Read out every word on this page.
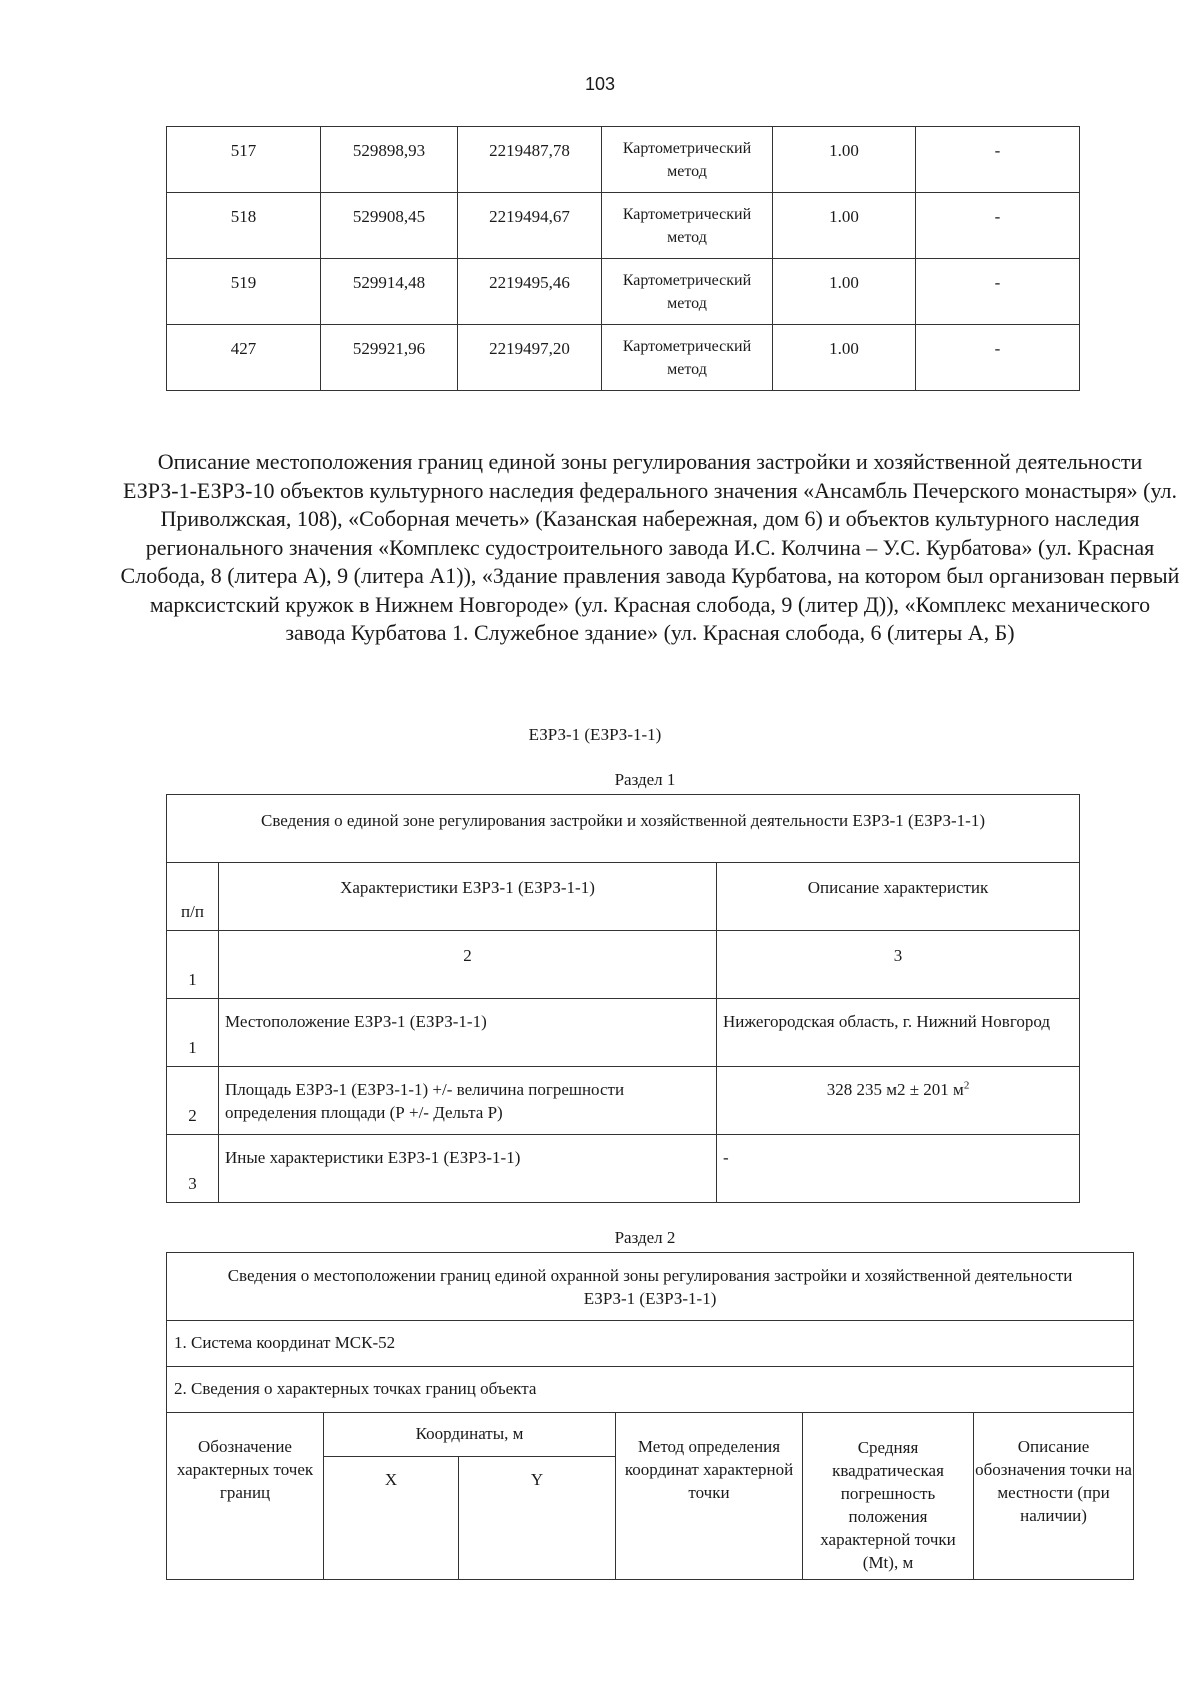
103
517	529898,93	2219487,78	Картометрический метод	1.00	-
518	529908,45	2219494,67	Картометрический метод	1.00	-
519	529914,48	2219495,46	Картометрический метод	1.00	-
427	529921,96	2219497,20	Картометрический метод	1.00	-
Описание местоположения границ единой зоны регулирования застройки и хозяйственной деятельности ЕЗРЗ-1-ЕЗРЗ-10 объектов культурного наследия федерального значения «Ансамбль Печерского монастыря» (ул. Приволжская, 108), «Соборная мечеть» (Казанская набережная, дом 6) и объектов культурного наследия регионального значения «Комплекс судостроительного завода И.С. Колчина – У.С. Курбатова» (ул. Красная Слобода, 8 (литера А), 9 (литера А1)), «Здание правления завода Курбатова, на котором был организован первый марксистский кружок в Нижнем Новгороде» (ул. Красная слобода, 9 (литер Д)), «Комплекс механического завода Курбатова 1. Служебное здание» (ул. Красная слобода, 6 (литеры А, Б)
ЕЗРЗ-1 (ЕЗРЗ-1-1)
Раздел 1
Сведения о единой зоне регулирования застройки и хозяйственной деятельности ЕЗРЗ-1 (ЕЗРЗ-1-1)		
п/п	Характеристики ЕЗРЗ-1 (ЕЗРЗ-1-1)	Описание характеристик
1	2	3
1	Местоположение ЕЗРЗ-1 (ЕЗРЗ-1-1)	Нижегородская область, г. Нижний Новгород
2	Площадь ЕЗРЗ-1 (ЕЗРЗ-1-1) +/- величина погрешности определения площади (Р +/- Дельта Р)	328 235 м2 ± 201 $м^2$
3	Иные характеристики ЕЗРЗ-1 (ЕЗРЗ-1-1)	-
Раздел 2
Сведения о местоположении границ единой охранной зоны регулирования застройки и хозяйственной деятельности ЕЗРЗ-1 (ЕЗРЗ-1-1)					
1. Система координат МСК-52					
2. Сведения о характерных точках границ объекта					
Обозначение характерных точек границ	Координаты, м		Метод определения координат характерной точки	Средняя квадратическая погрешность положения характерной точки (Mt), м	Описание обозначения точки на местности (при наличии)
	X	Y			
